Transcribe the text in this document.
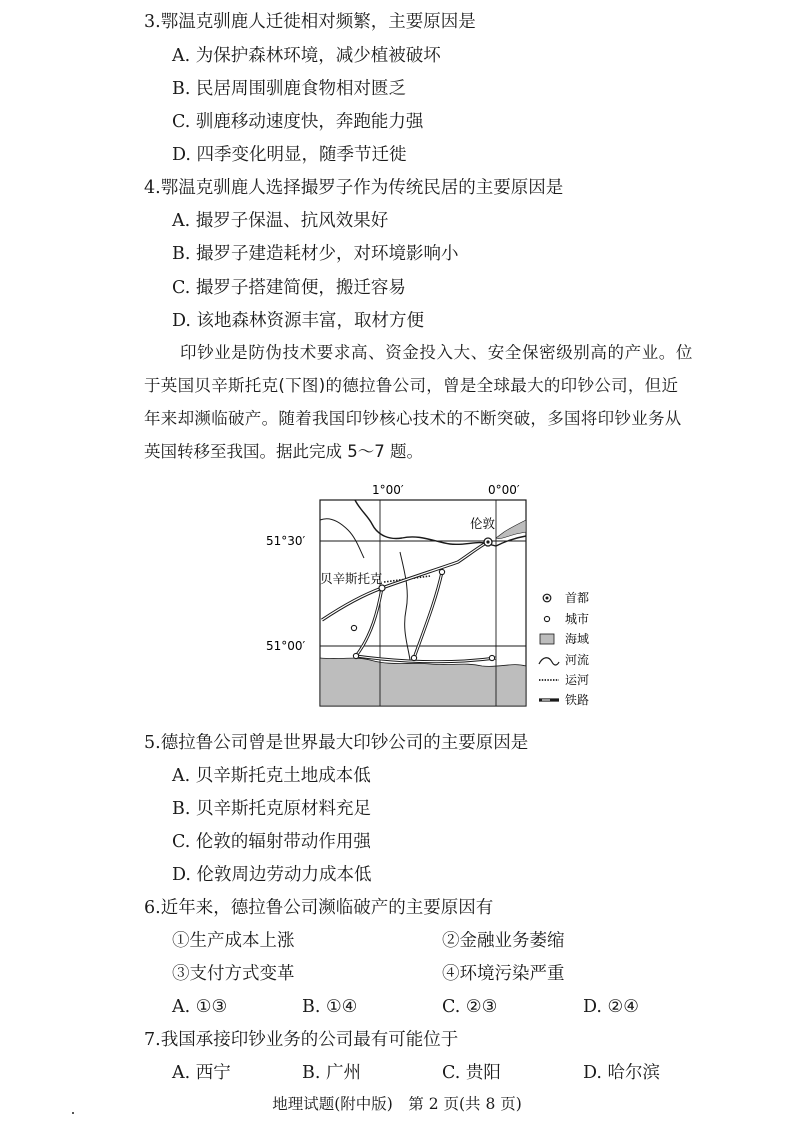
3.鄂温克驯鹿人迁徙相对频繁，主要原因是
A. 为保护森林环境，减少植被破坏
B. 民居周围驯鹿食物相对匮乏
C. 驯鹿移动速度快，奔跑能力强
D. 四季变化明显，随季节迁徙
4.鄂温克驯鹿人选择撮罗子作为传统民居的主要原因是
A. 撮罗子保温、抗风效果好
B. 撮罗子建造耗材少，对环境影响小
C. 撮罗子搭建简便，搬迁容易
D. 该地森林资源丰富，取材方便
印钞业是防伪技术要求高、资金投入大、安全保密级别高的产业。位
于英国贝辛斯托克(下图)的德拉鲁公司，曾是全球最大的印钞公司，但近
年来却濒临破产。随着我国印钞核心技术的不断突破，多国将印钞业务从
英国转移至我国。据此完成 5～7 题。
1°00′	0°00′
51°30′
51°00′
伦敦
贝辛斯托克
首都
城市
海域
河流
运河
铁路
5.德拉鲁公司曾是世界最大印钞公司的主要原因是
A. 贝辛斯托克土地成本低
B. 贝辛斯托克原材料充足
C. 伦敦的辐射带动作用强
D. 伦敦周边劳动力成本低
6.近年来，德拉鲁公司濒临破产的主要原因有
①生产成本上涨	②金融业务萎缩
③支付方式变革	④环境污染严重
A. ①③	B. ①④	C. ②③	D. ②④
7.我国承接印钞业务的公司最有可能位于
A. 西宁	B. 广州	C. 贵阳	D. 哈尔滨
地理试题(附中版)　第 2 页(共 8 页)
